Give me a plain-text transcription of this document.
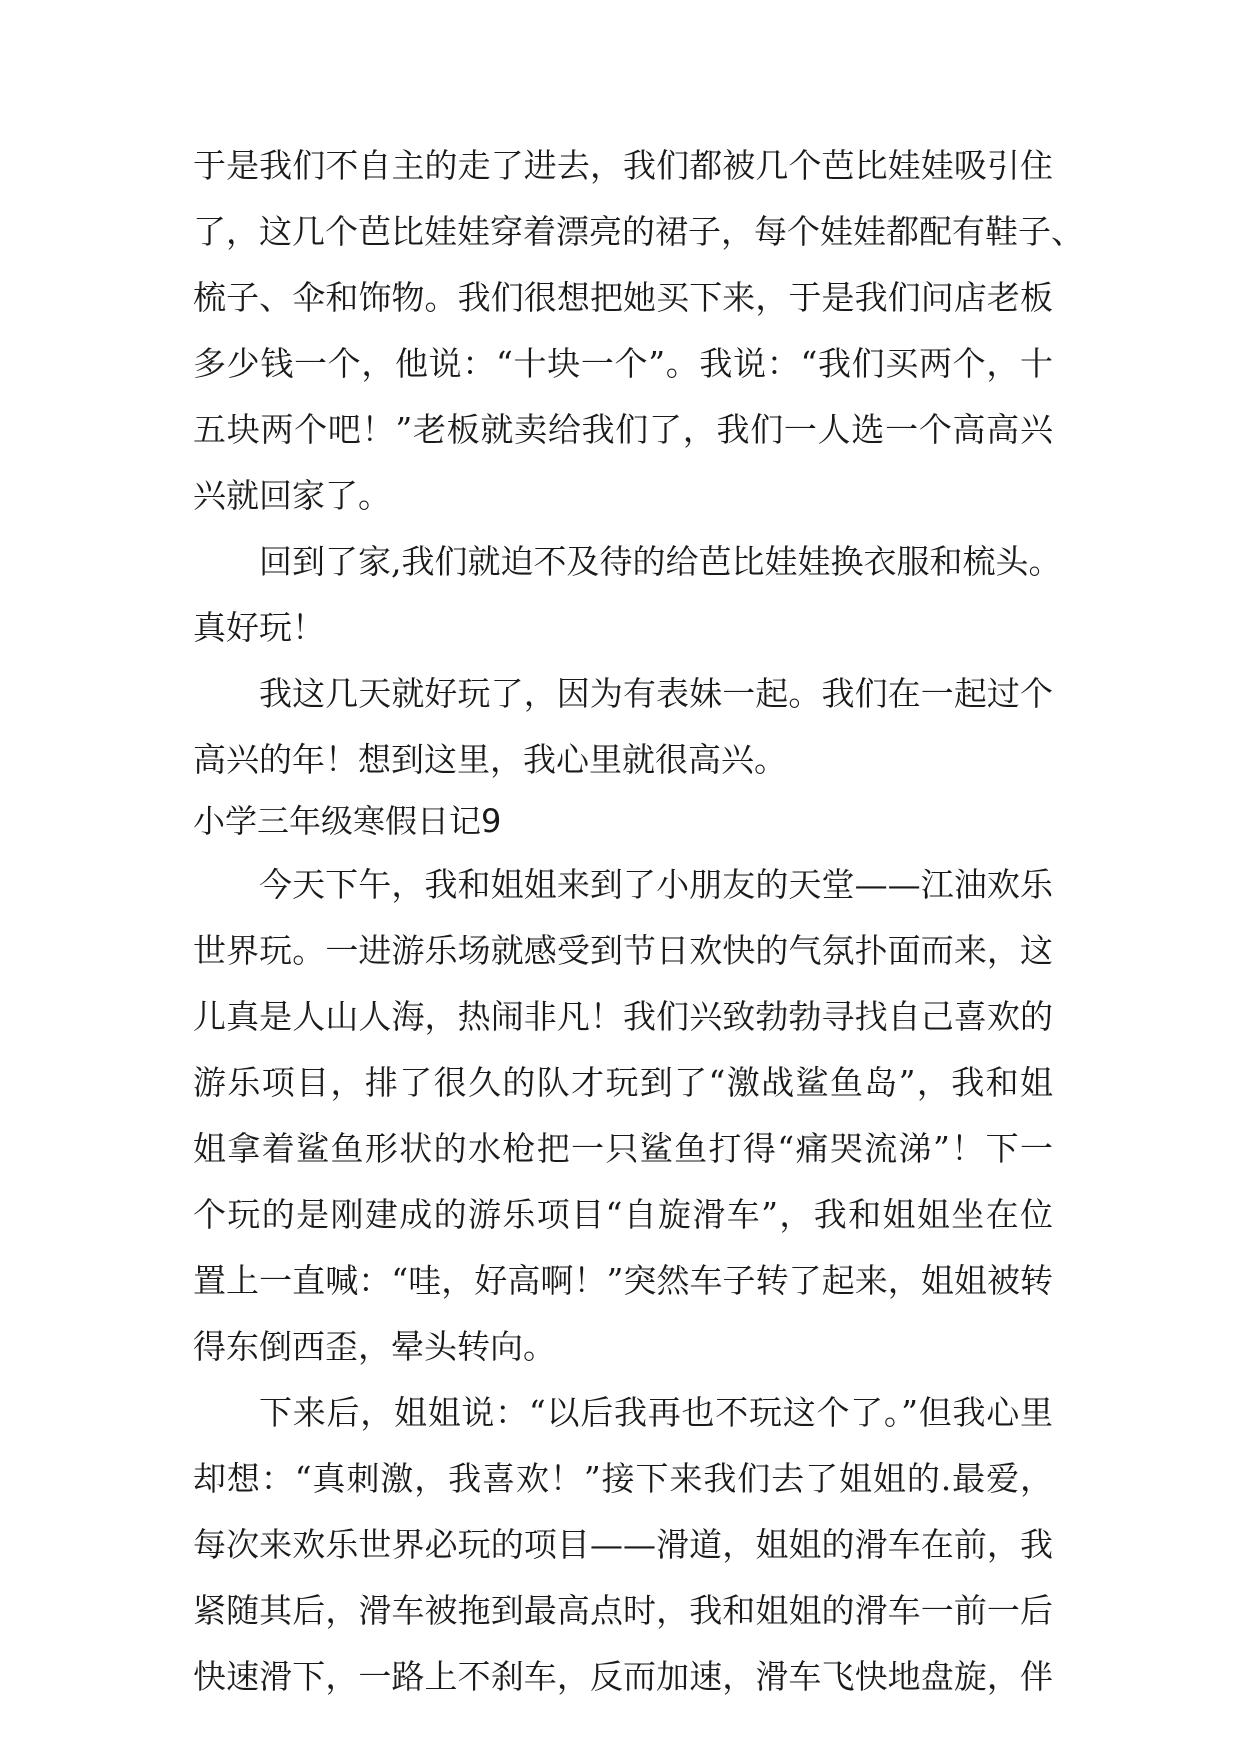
于是我们不自主的走了进去，我们都被几个芭比娃娃吸引住
了，这几个芭比娃娃穿着漂亮的裙子，每个娃娃都配有鞋子、
梳子、伞和饰物。我们很想把她买下来，于是我们问店老板
多少钱一个，他说：“十块一个”。我说：“我们买两个，十
五块两个吧！”老板就卖给我们了，我们一人选一个高高兴
兴就回家了。
回到了家,我们就迫不及待的给芭比娃娃换衣服和梳头。
真好玩！
我这几天就好玩了，因为有表妹一起。我们在一起过个
高兴的年！想到这里，我心里就很高兴。
小学三年级寒假日记9
今天下午，我和姐姐来到了小朋友的天堂——江油欢乐
世界玩。一进游乐场就感受到节日欢快的气氛扑面而来，这
儿真是人山人海，热闹非凡！我们兴致勃勃寻找自己喜欢的
游乐项目，排了很久的队才玩到了“激战鲨鱼岛”，我和姐
姐拿着鲨鱼形状的水枪把一只鲨鱼打得“痛哭流涕”！下一
个玩的是刚建成的游乐项目“自旋滑车”，我和姐姐坐在位
置上一直喊：“哇，好高啊！”突然车子转了起来，姐姐被转
得东倒西歪，晕头转向。
下来后，姐姐说：“以后我再也不玩这个了。”但我心里
却想：“真刺激，我喜欢！”接下来我们去了姐姐的.最爱，
每次来欢乐世界必玩的项目——滑道，姐姐的滑车在前，我
紧随其后，滑车被拖到最高点时，我和姐姐的滑车一前一后
快速滑下，一路上不刹车，反而加速，滑车飞快地盘旋，伴
